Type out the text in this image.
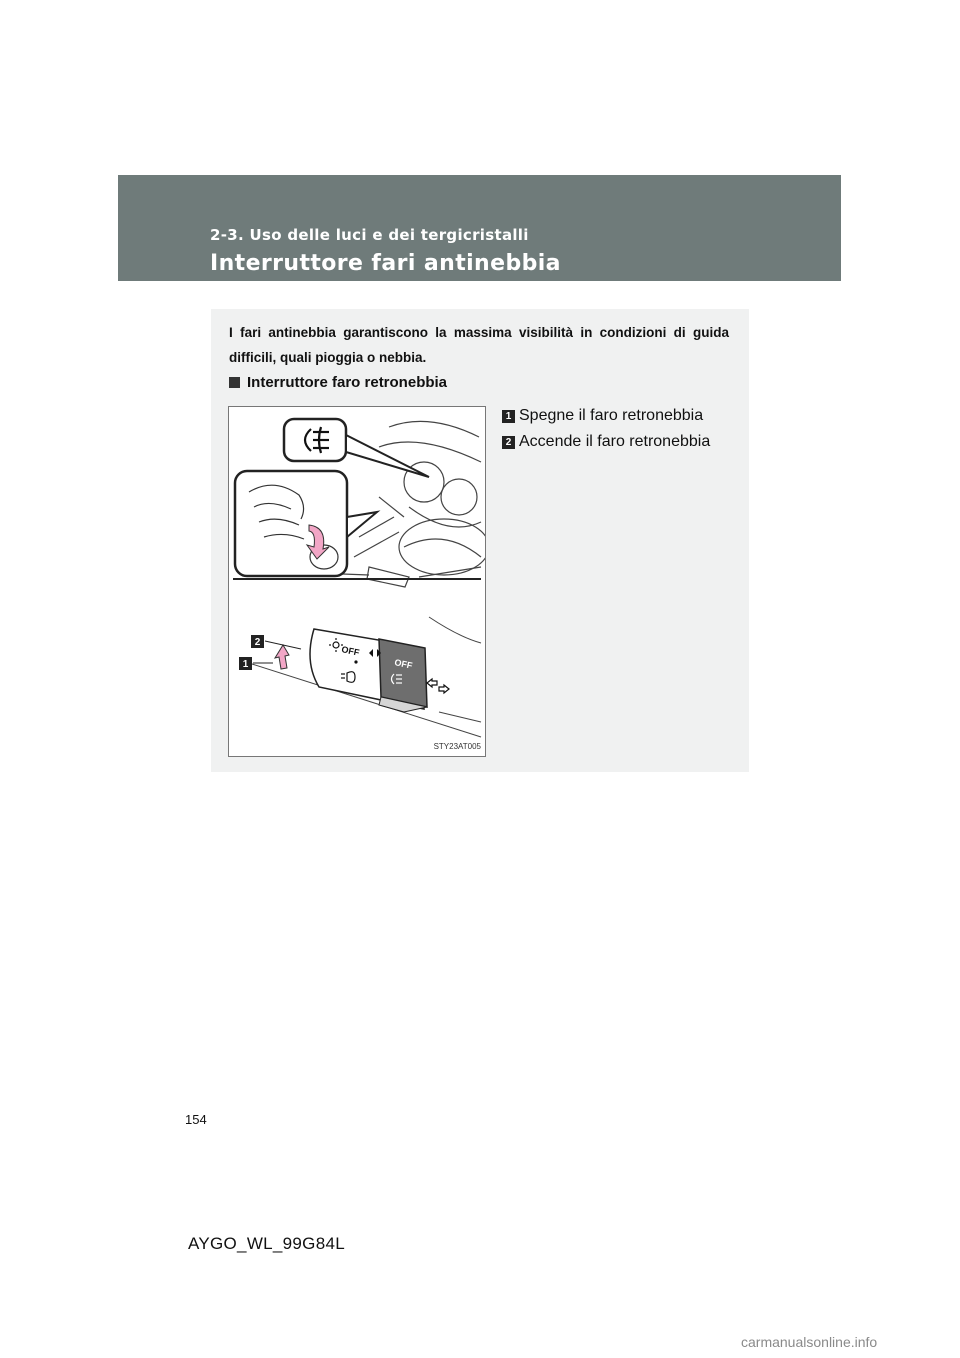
2-3. Uso delle luci e dei tergicristalli
Interruttore fari antinebbia
I fari antinebbia garantiscono la massima visibilità in condizioni di guida difficili, quali pioggia o nebbia.
Interruttore faro retronebbia
OFF
OFF
2
1
STY23AT005
1 Spegne il faro retronebbia
2 Accende il faro retronebbia
154
AYGO_WL_99G84L
carmanualsonline.info
